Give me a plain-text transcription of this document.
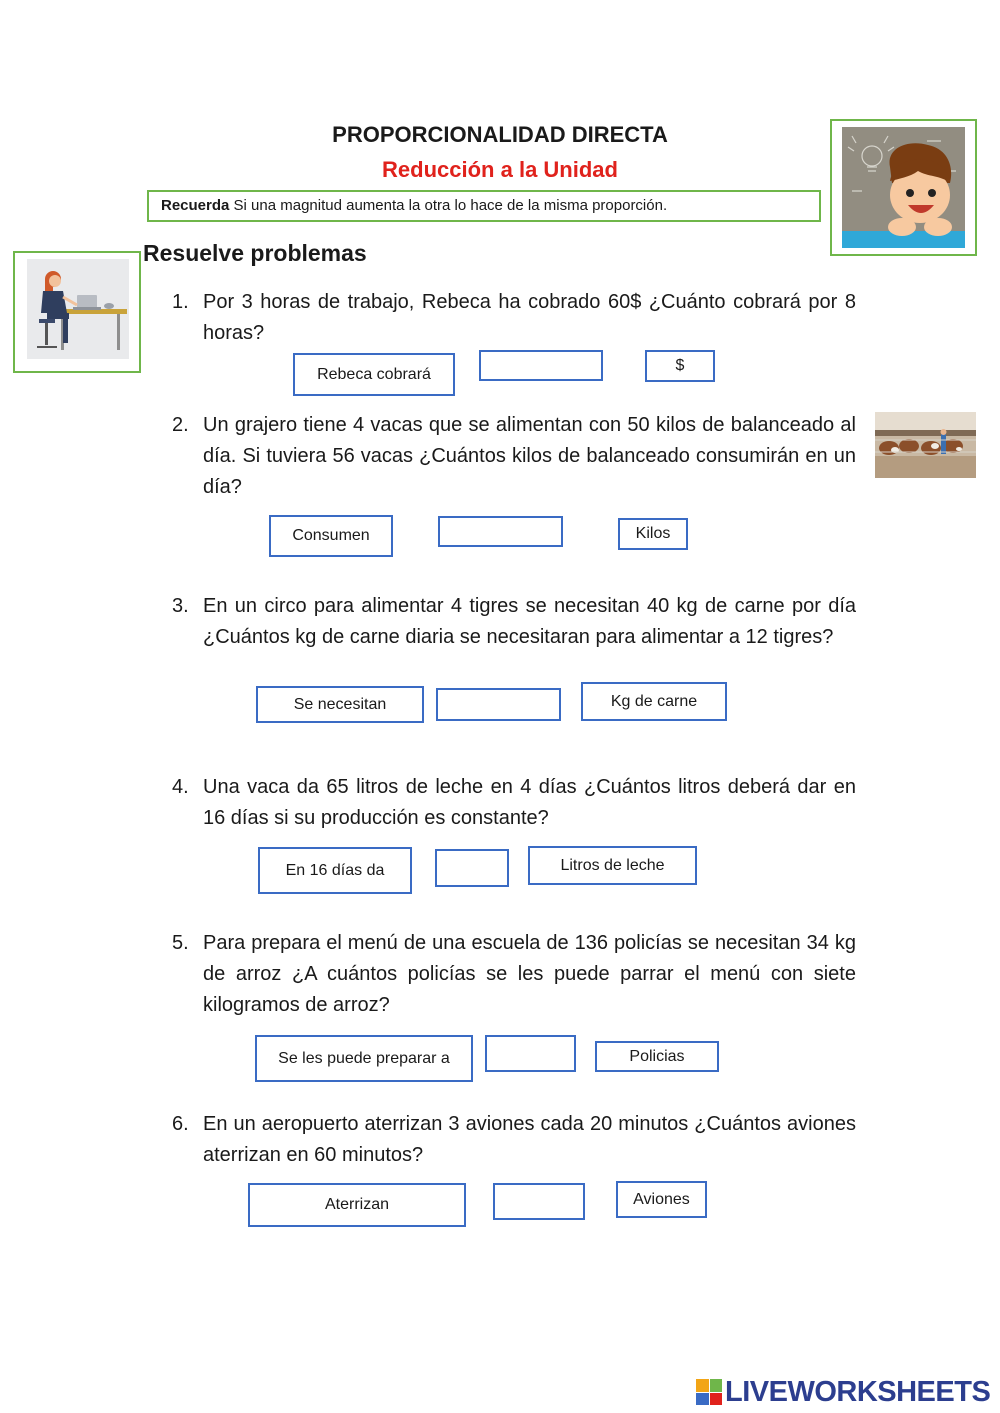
PROPORCIONALIDAD DIRECTA
Reducción a la Unidad
Recuerda Si una magnitud aumenta la otra lo hace de la misma proporción.
Resuelve problemas
1. Por 3 horas de trabajo, Rebeca ha cobrado 60$ ¿Cuánto cobrará por 8 horas?
Rebeca cobrará	$
2. Un grajero tiene 4 vacas que se alimentan con 50 kilos de balanceado al día. Si tuviera 56 vacas ¿Cuántos kilos de balanceado consumirán en un día?
Consumen	Kilos
3. En un circo para alimentar 4 tigres se necesitan 40 kg de carne por día ¿Cuántos kg de carne diaria se necesitaran para alimentar a 12 tigres?
Se necesitan	Kg de carne
4. Una vaca da 65 litros de leche en 4 días ¿Cuántos litros deberá dar en 16 días si su producción es constante?
En 16 días da	Litros de leche
5. Para prepara el menú de una escuela de 136 policías se necesitan 34 kg de arroz ¿A cuántos policías se les puede parrar el menú con siete kilogramos de arroz?
Se les puede preparar a	Policias
6. En un aeropuerto aterrizan 3 aviones cada 20 minutos ¿Cuántos aviones aterrizan en 60 minutos?
Aterrizan	Aviones
LIVEWORKSHEETS
